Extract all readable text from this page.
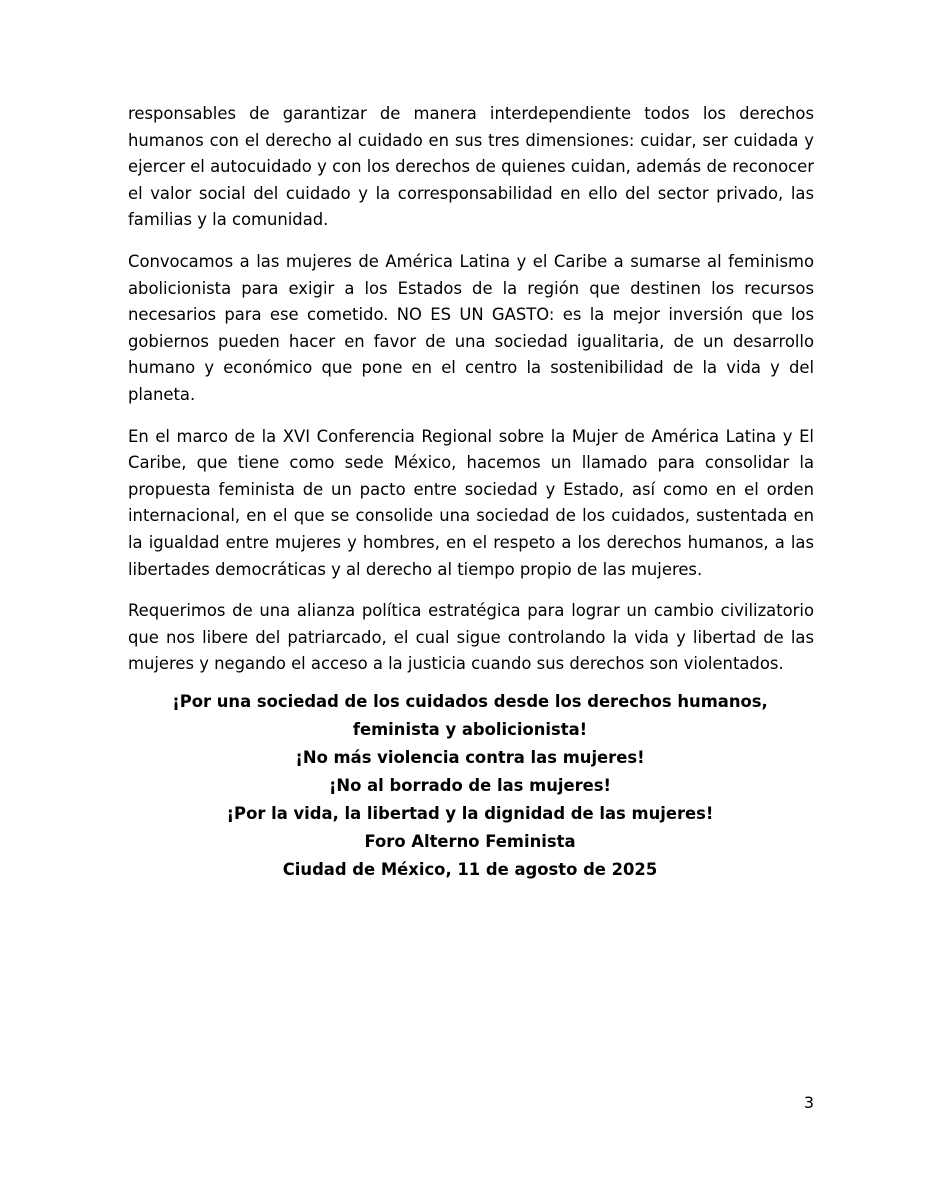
responsables de garantizar de manera interdependiente todos los derechos humanos con el derecho al cuidado en sus tres dimensiones: cuidar, ser cuidada y ejercer el autocuidado y con los derechos de quienes cuidan, además de reconocer el valor social del cuidado y la corresponsabilidad en ello del sector privado, las familias y la comunidad.

Convocamos a las mujeres de América Latina y el Caribe a sumarse al feminismo abolicionista para exigir a los Estados de la región que destinen los recursos necesarios para ese cometido. NO ES UN GASTO: es la mejor inversión que los gobiernos pueden hacer en favor de una sociedad igualitaria, de un desarrollo humano y económico que pone en el centro la sostenibilidad de la vida y del planeta.

En el marco de la XVI Conferencia Regional sobre la Mujer de América Latina y El Caribe, que tiene como sede México, hacemos un llamado para consolidar la propuesta feminista de un pacto entre sociedad y Estado, así como en el orden internacional, en el que se consolide una sociedad de los cuidados, sustentada en la igualdad entre mujeres y hombres, en el respeto a los derechos humanos, a las libertades democráticas y al derecho al tiempo propio de las mujeres.

Requerimos de una alianza política estratégica para lograr un cambio civilizatorio que nos libere del patriarcado, el cual sigue controlando la vida y libertad de las mujeres y negando el acceso a la justicia cuando sus derechos son violentados.

¡Por una sociedad de los cuidados desde los derechos humanos, feminista y abolicionista!
¡No más violencia contra las mujeres!
¡No al borrado de las mujeres!
¡Por la vida, la libertad y la dignidad de las mujeres!
Foro Alterno Feminista
Ciudad de México, 11 de agosto de 2025
3
